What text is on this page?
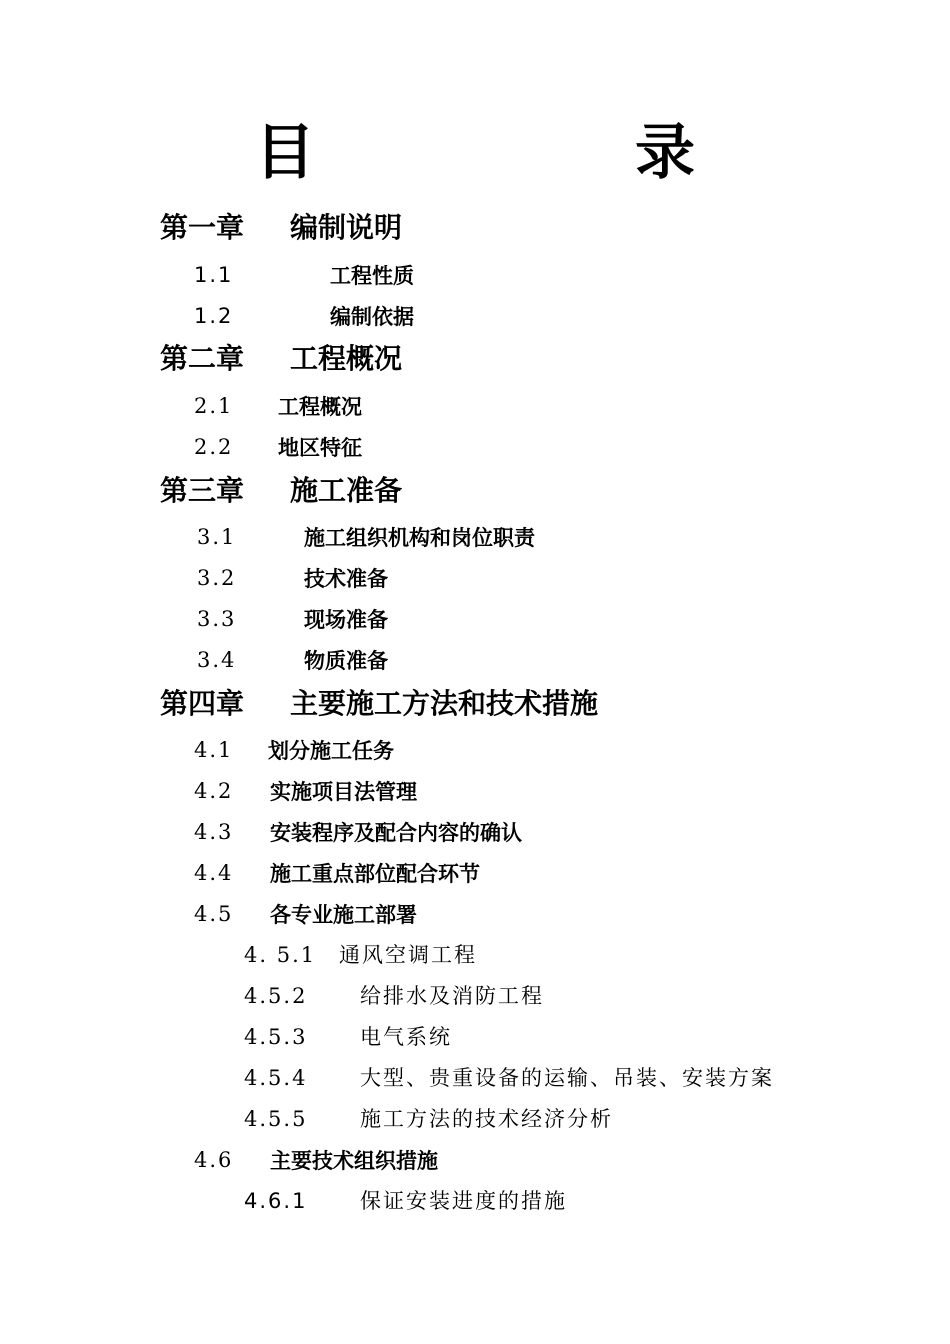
目　录
第一章 编制说明
1.1	工程性质
1.2	编制依据
第二章 工程概况
2.1 工程概况
2.2 地区特征
第三章 施工准备
3.1	施工组织机构和岗位职责
3.2	技术准备
3.3	现场准备
3.4	物质准备
第四章 主要施工方法和技术措施
4.1 划分施工任务
4.2 实施项目法管理
4.3 安装程序及配合内容的确认
4.4 施工重点部位配合环节
4.5 各专业施工部署
4. 5.1 通风空调工程
4.5.2	给排水及消防工程
4.5.3	电气系统
4.5.4	大型、贵重设备的运输、吊装、安装方案
4.5.5	施工方法的技术经济分析
4.6 主要技术组织措施
4.6.1	保证安装进度的措施
